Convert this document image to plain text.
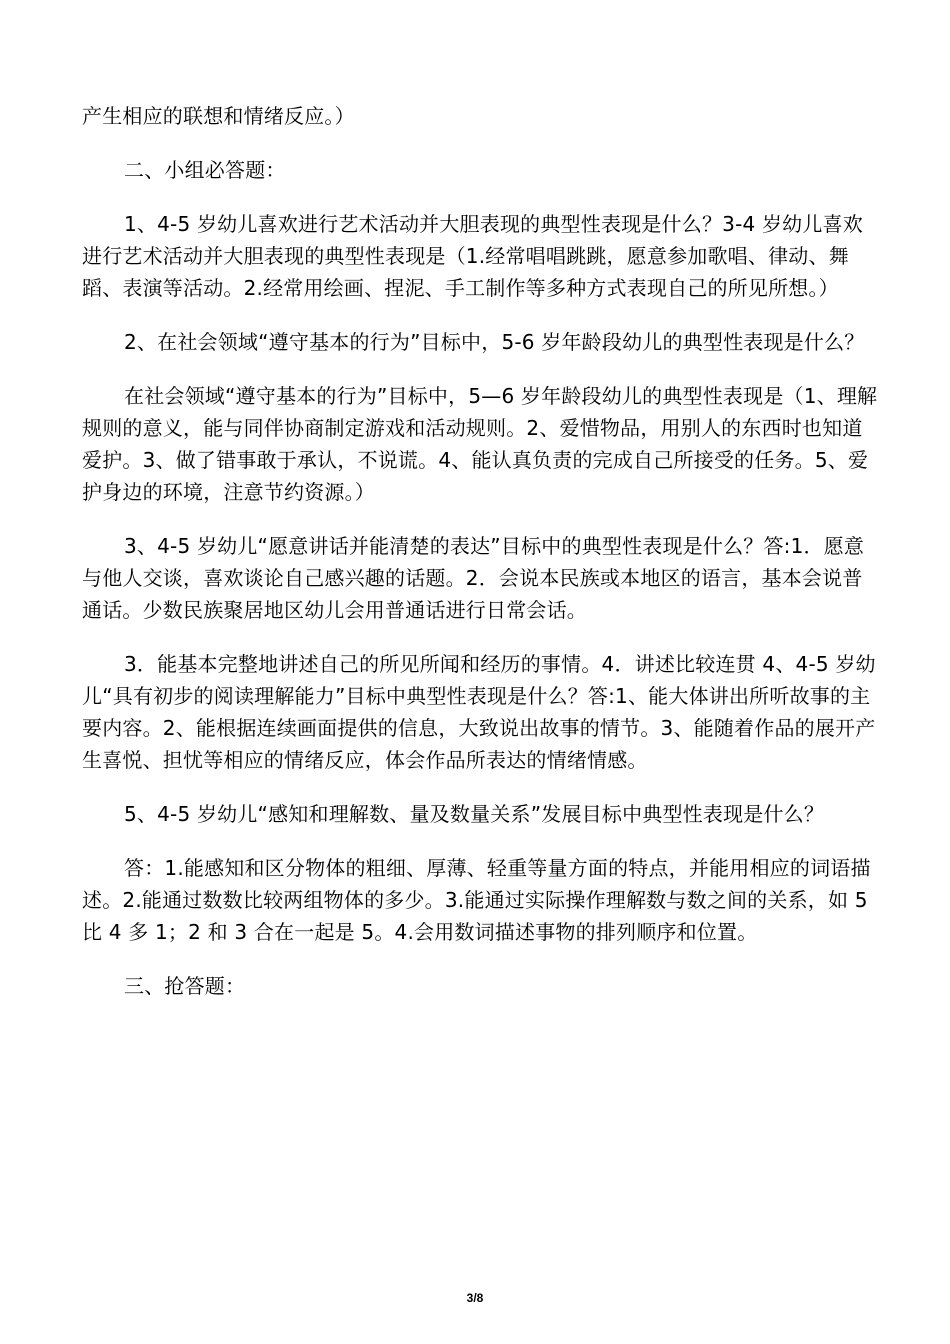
产生相应的联想和情绪反应。）

二、小组必答题：

1、4-5 岁幼儿喜欢进行艺术活动并大胆表现的典型性表现是什么？3-4 岁幼儿喜欢进行艺术活动并大胆表现的典型性表现是（1.经常唱唱跳跳，愿意参加歌唱、律动、舞蹈、表演等活动。2.经常用绘画、捏泥、手工制作等多种方式表现自己的所见所想。）

2、在社会领域“遵守基本的行为”目标中，5-6 岁年龄段幼儿的典型性表现是什么？

在社会领域“遵守基本的行为”目标中，5—6 岁年龄段幼儿的典型性表现是（1、理解规则的意义，能与同伴协商制定游戏和活动规则。2、爱惜物品，用别人的东西时也知道爱护。3、做了错事敢于承认，不说谎。4、能认真负责的完成自己所接受的任务。5、爱护身边的环境，注意节约资源。）

3、4-5 岁幼儿“愿意讲话并能清楚的表达”目标中的典型性表现是什么？答:1．愿意与他人交谈，喜欢谈论自己感兴趣的话题。2．会说本民族或本地区的语言，基本会说普通话。少数民族聚居地区幼儿会用普通话进行日常会话。

3．能基本完整地讲述自己的所见所闻和经历的事情。4．讲述比较连贯 4、4-5 岁幼儿“具有初步的阅读理解能力”目标中典型性表现是什么？答:1、能大体讲出所听故事的主要内容。2、能根据连续画面提供的信息，大致说出故事的情节。3、能随着作品的展开产生喜悦、担忧等相应的情绪反应，体会作品所表达的情绪情感。

5、4-5 岁幼儿“感知和理解数、量及数量关系”发展目标中典型性表现是什么？

答：1.能感知和区分物体的粗细、厚薄、轻重等量方面的特点，并能用相应的词语描述。2.能通过数数比较两组物体的多少。3.能通过实际操作理解数与数之间的关系，如 5 比 4 多 1；2 和 3 合在一起是 5。4.会用数词描述事物的排列顺序和位置。

三、抢答题：

3/8
